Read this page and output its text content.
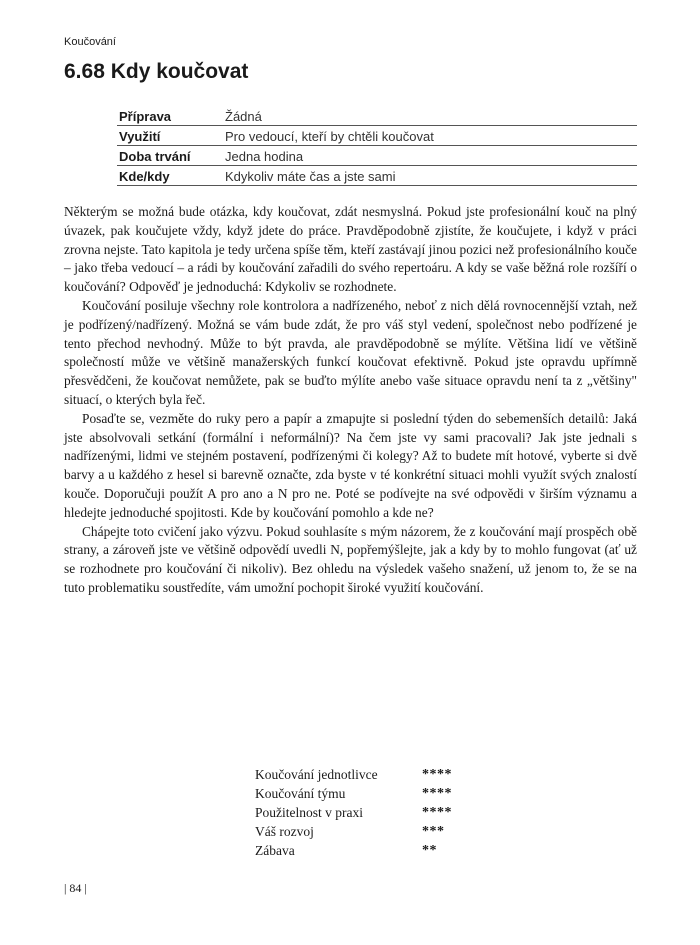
Koučování
6.68 Kdy koučovat
Příprava	Žádná
Využití	Pro vedoucí, kteří by chtěli koučovat
Doba trvání	Jedna hodina
Kde/kdy	Kdykoliv máte čas a jste sami

Některým se možná bude otázka, kdy koučovat, zdát nesmyslná. Pokud jste profesionální kouč na plný úvazek, pak koučujete vždy, když jdete do práce. Pravděpodobně zjistíte, že koučujete, i když v práci zrovna nejste. Tato kapitola je tedy určena spíše těm, kteří zastávají jinou pozici než profesionálního kouče – jako třeba vedoucí – a rádi by koučování zařadili do svého repertoáru. A kdy se vaše běžná role rozšíří o koučování? Odpověď je jednoduchá: Kdykoliv se rozhodnete.

Koučování posiluje všechny role kontrolora a nadřízeného, neboť z nich dělá rovnocennější vztah, než je podřízený/nadřízený. Možná se vám bude zdát, že pro váš styl vedení, společnost nebo podřízené je tento přechod nevhodný. Může to být pravda, ale pravděpodobně se mýlíte. Většina lidí ve většině společností může ve většině manažerských funkcí koučovat efektivně. Pokud jste opravdu upřímně přesvědčeni, že koučovat nemůžete, pak se buďto mýlíte anebo vaše situace opravdu není ta z „většiny" situací, o kterých byla řeč.

Posaďte se, vezměte do ruky pero a papír a zmapujte si poslední týden do sebemenších detailů: Jaká jste absolvovali setkání (formální i neformální)? Na čem jste vy sami pracovali? Jak jste jednali s nadřízenými, lidmi ve stejném postavení, podřízenými či kolegy? Až to budete mít hotové, vyberte si dvě barvy a u každého z hesel si barevně označte, zda byste v té konkrétní situaci mohli využít svých znalostí kouče. Doporučuji použít A pro ano a N pro ne. Poté se podívejte na své odpovědi v širším významu a hledejte jednoduché spojitosti. Kde by koučování pomohlo a kde ne?

Chápejte toto cvičení jako výzvu. Pokud souhlasíte s mým názorem, že z koučování mají prospěch obě strany, a zároveň jste ve většině odpovědí uvedli N, popřemýšlejte, jak a kdy by to mohlo fungovat (ať už se rozhodnete pro koučování či nikoliv). Bez ohledu na výsledek vašeho snažení, už jenom to, že se na tuto problematiku soustředíte, vám umožní pochopit široké využití koučování.

Koučování jednotlivce	****
Koučování týmu	****
Použitelnost v praxi	****
Váš rozvoj	***
Zábava	**
| 84 |
